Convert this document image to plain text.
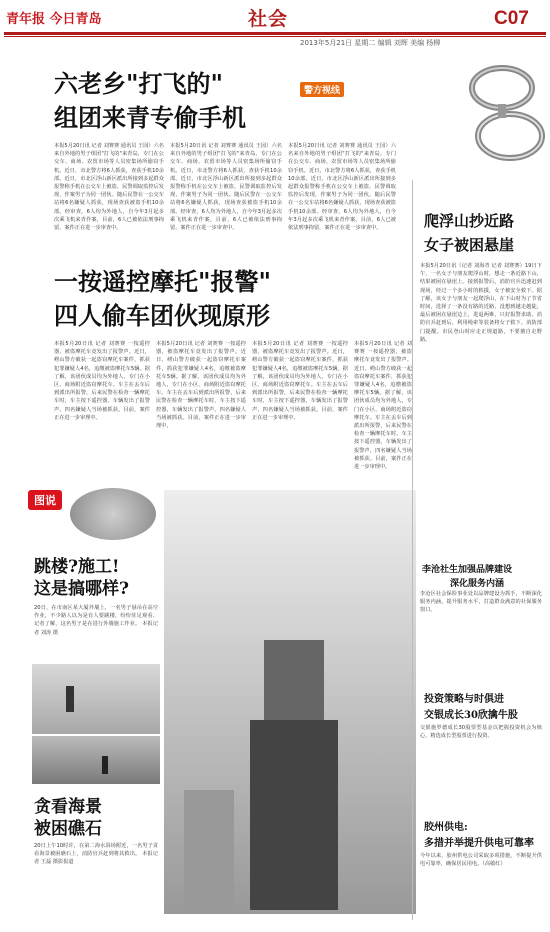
青年报 今日青岛	社会	C07
2013年5月21日 星期二 编辑 刘辉 美编 杨柳
六老乡"打飞的"
组团来青专偷手机
警方视线
本报5月20日讯 记者 刘赛赛 通讯员 王园）六名来自外地的男子组团"打飞的"来青岛，专门在公交车、商场、农贸市场等人员密集场所偷窃手机。近日，市北警方将6人抓获，查获手机10余部。近日，市北区浮山新区派出所接到多起群众报警称手机在公交车上被盗，民警调取监控后发现，作案男子为同一团伙。随后民警在一公交车站将6名嫌疑人抓获，现场查获被盗手机10余部。经审查，6人均为外地人，自今年3月起多次乘飞机来青作案，目前，6人已被依法刑事拘留，案件正在进一步审查中。
本报5月20日讯 记者 刘赛赛 通讯员 王园）六名来自外地的男子组团"打飞的"来青岛，专门在公交车、商场、农贸市场等人员密集场所偷窃手机。近日，市北警方将6人抓获，查获手机10余部。近日，市北区浮山新区派出所接到多起群众报警称手机在公交车上被盗，民警调取监控后发现，作案男子为同一团伙。随后民警在一公交车站将6名嫌疑人抓获，现场查获被盗手机10余部。经审查，6人均为外地人，自今年3月起多次乘飞机来青作案，目前，6人已被依法刑事拘留，案件正在进一步审查中。
本报5月20日讯 记者 刘赛赛 通讯员 王园）六名来自外地的男子组团"打飞的"来青岛，专门在公交车、商场、农贸市场等人员密集场所偷窃手机。近日，市北警方将6人抓获，查获手机10余部。近日，市北区浮山新区派出所接到多起群众报警称手机在公交车上被盗，民警调取监控后发现，作案男子为同一团伙。随后民警在一公交车站将6名嫌疑人抓获，现场查获被盗手机10余部。经审查，6人均为外地人，自今年3月起多次乘飞机来青作案，目前，6人已被依法刑事拘留，案件正在进一步审查中。
一按遥控摩托"报警"
四人偷车团伙现原形
本报5月20日讯 记者 刘赛赛 一按遥控器，被盗摩托车竟发出了报警声。近日，崂山警方破获一起盗窃摩托车案件，抓获犯罪嫌疑人4名，追缴被盗摩托车5辆。据了解，该团伙成员均为外地人，专门在小区、商场附近盗窃摩托车。车主在丢车后到派出所报警，后来民警在检查一辆摩托车时，车主按下遥控器，车辆发出了报警声，四名嫌疑人当场被抓获。目前，案件正在进一步审理中。
本报5月20日讯 记者 刘赛赛 一按遥控器，被盗摩托车竟发出了报警声。近日，崂山警方破获一起盗窃摩托车案件，抓获犯罪嫌疑人4名，追缴被盗摩托车5辆。据了解，该团伙成员均为外地人，专门在小区、商场附近盗窃摩托车。车主在丢车后到派出所报警，后来民警在检查一辆摩托车时，车主按下遥控器，车辆发出了报警声，四名嫌疑人当场被抓获。目前，案件正在进一步审理中。
本报5月20日讯 记者 刘赛赛 一按遥控器，被盗摩托车竟发出了报警声。近日，崂山警方破获一起盗窃摩托车案件，抓获犯罪嫌疑人4名，追缴被盗摩托车5辆。据了解，该团伙成员均为外地人，专门在小区、商场附近盗窃摩托车。车主在丢车后到派出所报警，后来民警在检查一辆摩托车时，车主按下遥控器，车辆发出了报警声，四名嫌疑人当场被抓获。目前，案件正在进一步审理中。
本报5月20日讯 记者 刘赛赛 一按遥控器，被盗摩托车竟发出了报警声。近日，崂山警方破获一起盗窃摩托车案件，抓获犯罪嫌疑人4名，追缴被盗摩托车5辆。据了解，该团伙成员均为外地人，专门在小区、商场附近盗窃摩托车。车主在丢车后到派出所报警，后来民警在检查一辆摩托车时，车主按下遥控器，车辆发出了报警声，四名嫌疑人当场被抓获。目前，案件正在进一步审理中。
图说
跳楼?施工!
这是搞哪样?
20日，在市南区某大厦外墙上，一名男子悬吊在高空作业，不少路人以为是有人要跳楼，纷纷驻足观看。记者了解，这名男子是在进行外墙施工作业。 本报记者 刘涛 摄
贪看海景
被困礁石
20日上午10时许，在第二海水浴场附近，一名男子贪看海景被困礁石上，消防官兵赶到将其救出。 本报记者 王磊 摄影报道
爬浮山抄近路
女子被困悬崖
本报5月20日讯（记者 刘海青 记者 刘赛赛）19日下午，一名女子与朋友爬浮山时，想走一条近路下山，结果被困在悬崖上。接到报警后，消防官兵迅速赶到现场，经过一个多小时的救援，女子被安全救下。据了解，该女子与朋友一起爬浮山，在下山时为了节省时间，选择了一条没有路的近路，没想到越走越陡，最后被困在悬崖边上，进退两难，只好报警求助。消防官兵赶到后，利用绳索等装备将女子救下。消防部门提醒，市民登山时应走正规道路，不要擅自走野路。
李沧社生加强品牌建设
深化服务内涵
李沧区社会保险事业处以品牌建设为抓手，不断深化服务内涵，提升服务水平，打造群众满意的社保服务窗口。
投资策略与时俱进
交银成长30欣擒牛股
交银施罗德成长30股票型基金以把握投资机会为核心，精选成长型股票进行投资。
胶州供电:
多措并举提升供电可靠率
今年以来，胶州供电公司采取多项措施，不断提升供电可靠率，确保居民用电。（高敏红）
